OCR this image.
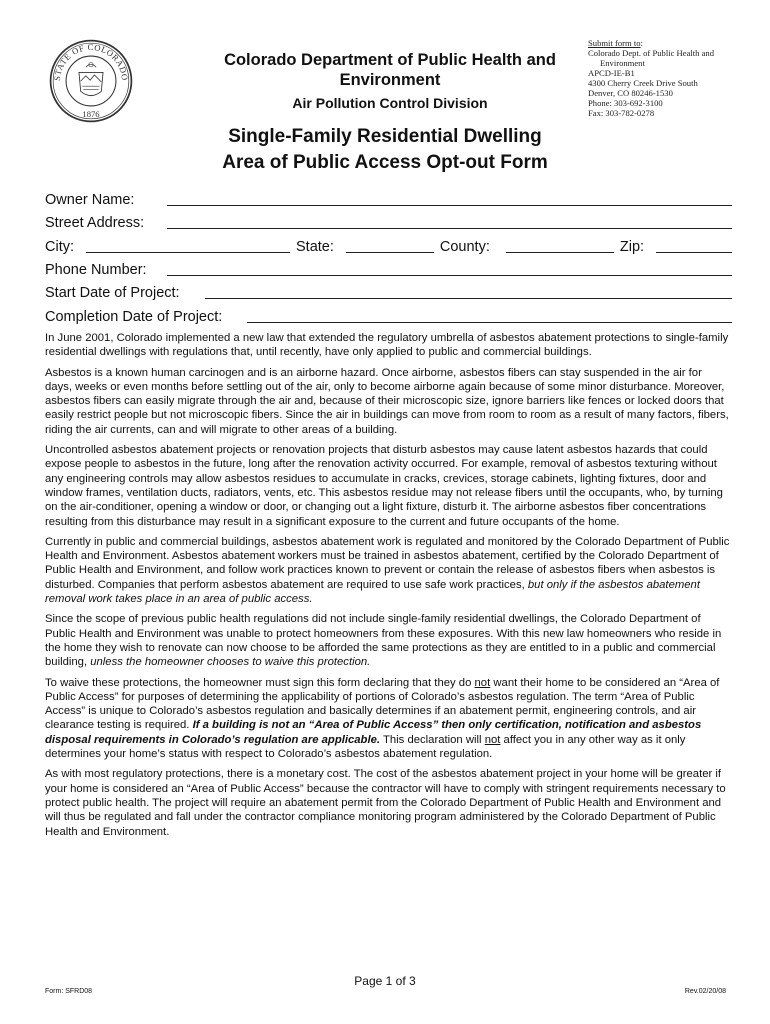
STATE OF COLORADO
1876
Colorado Department of Public Health and Environment
Air Pollution Control Division
Submit form to:
Colorado Dept. of Public Health and
Environment
APCD-IE-B1
4300 Cherry Creek Drive South
Denver, CO 80246-1530
Phone: 303-692-3100
Fax: 303-782-0278
Single-Family Residential Dwelling
Area of Public Access Opt-out Form
Owner Name:
Street Address:
City:	State:	County:	Zip:
Phone Number:
Start Date of Project:
Completion Date of Project:

In June 2001, Colorado implemented a new law that extended the regulatory umbrella of asbestos abatement protections to single-family residential dwellings with regulations that, until recently, have only applied to public and commercial buildings.

Asbestos is a known human carcinogen and is an airborne hazard. Once airborne, asbestos fibers can stay suspended in the air for days, weeks or even months before settling out of the air, only to become airborne again because of some minor disturbance. Moreover, asbestos fibers can easily migrate through the air and, because of their microscopic size, ignore barriers like fences or locked doors that easily restrict people but not microscopic fibers. Since the air in buildings can move from room to room as a result of many factors, fibers, riding the air currents, can and will migrate to other areas of a building.

Uncontrolled asbestos abatement projects or renovation projects that disturb asbestos may cause latent asbestos hazards that could expose people to asbestos in the future, long after the renovation activity occurred. For example, removal of asbestos texturing without any engineering controls may allow asbestos residues to accumulate in cracks, crevices, storage cabinets, lighting fixtures, door and window frames, ventilation ducts, radiators, vents, etc. This asbestos residue may not release fibers until the occupants, who, by turning on the air-conditioner, opening a window or door, or changing out a light fixture, disturb it. The airborne asbestos fiber concentrations resulting from this disturbance may result in a significant exposure to the current and future occupants of the home.

Currently in public and commercial buildings, asbestos abatement work is regulated and monitored by the Colorado Department of Public Health and Environment. Asbestos abatement workers must be trained in asbestos abatement, certified by the Colorado Department of Public Health and Environment, and follow work practices known to prevent or contain the release of asbestos fibers when asbestos is disturbed. Companies that perform asbestos abatement are required to use safe work practices, but only if the asbestos abatement removal work takes place in an area of public access.

Since the scope of previous public health regulations did not include single-family residential dwellings, the Colorado Department of Public Health and Environment was unable to protect homeowners from these exposures. With this new law homeowners who reside in the home they wish to renovate can now choose to be afforded the same protections as they are entitled to in a public and commercial building, unless the homeowner chooses to waive this protection.

To waive these protections, the homeowner must sign this form declaring that they do not want their home to be considered an “Area of Public Access” for purposes of determining the applicability of portions of Colorado’s asbestos regulation. The term “Area of Public Access” is unique to Colorado’s asbestos regulation and basically determines if an abatement permit, engineering controls, and air clearance testing is required. If a building is not an “Area of Public Access” then only certification, notification and asbestos disposal requirements in Colorado’s regulation are applicable. This declaration will not affect you in any other way as it only determines your home’s status with respect to Colorado’s asbestos abatement regulation.

As with most regulatory protections, there is a monetary cost. The cost of the asbestos abatement project in your home will be greater if your home is considered an “Area of Public Access” because the contractor will have to comply with stringent requirements necessary to protect public health. The project will require an abatement permit from the Colorado Department of Public Health and Environment and will thus be regulated and fall under the contractor compliance monitoring program administered by the Colorado Department of Public Health and Environment.

Page 1 of 3
Form: SFRD08	Rev.02/20/08
